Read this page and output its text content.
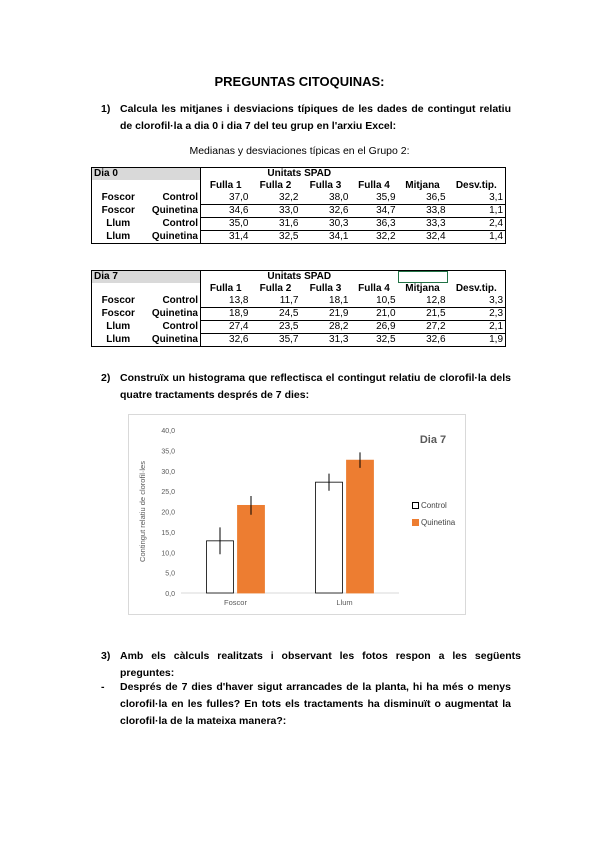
PREGUNTAS CITOQUINAS:
1) Calcula les mitjanes i desviacions típiques de les dades de contingut relatiu de clorofil·la a dia 0 i dia 7 del teu grup en l'arxiu Excel:
Medianas y desviaciones típicas en el Grupo 2:
Dia 0		Unitats SPAD					
		Fulla 1	Fulla 2	Fulla 3	Fulla 4	Mitjana	Desv.tip.
Foscor	Control	37,0	32,2	38,0	35,9	36,5	3,1
Foscor	Quinetina	34,6	33,0	32,6	34,7	33,8	1,1
Llum	Control	35,0	31,6	30,3	36,3	33,3	2,4
Llum	Quinetina	31,4	32,5	34,1	32,2	32,4	1,4
Dia 7		Unitats SPAD					
		Fulla 1	Fulla 2	Fulla 3	Fulla 4	Mitjana	Desv.tip.
Foscor	Control	13,8	11,7	18,1	10,5	12,8	3,3
Foscor	Quinetina	18,9	24,5	21,9	21,0	21,5	2,3
Llum	Control	27,4	23,5	28,2	26,9	27,2	2,1
Llum	Quinetina	32,6	35,7	31,3	32,5	32,6	1,9
2) Construïx un histograma que reflectisca el contingut relatiu de clorofil·la dels quatre tractaments després de 7 dies:
0,0
5,0
10,0
15,0
20,0
25,0
30,0
35,0
40,0
Contingut relatiu de clorofil·les
Dia 7
Foscor	Llum
Control
Quinetina
3) Amb els càlculs realitzats i observant les fotos respon a les següents preguntes:
- Després de 7 dies d'haver sigut arrancades de la planta, hi ha més o menys clorofil·la en les fulles? En tots els tractaments ha disminuït o augmentat la clorofil·la de la mateixa manera?:
